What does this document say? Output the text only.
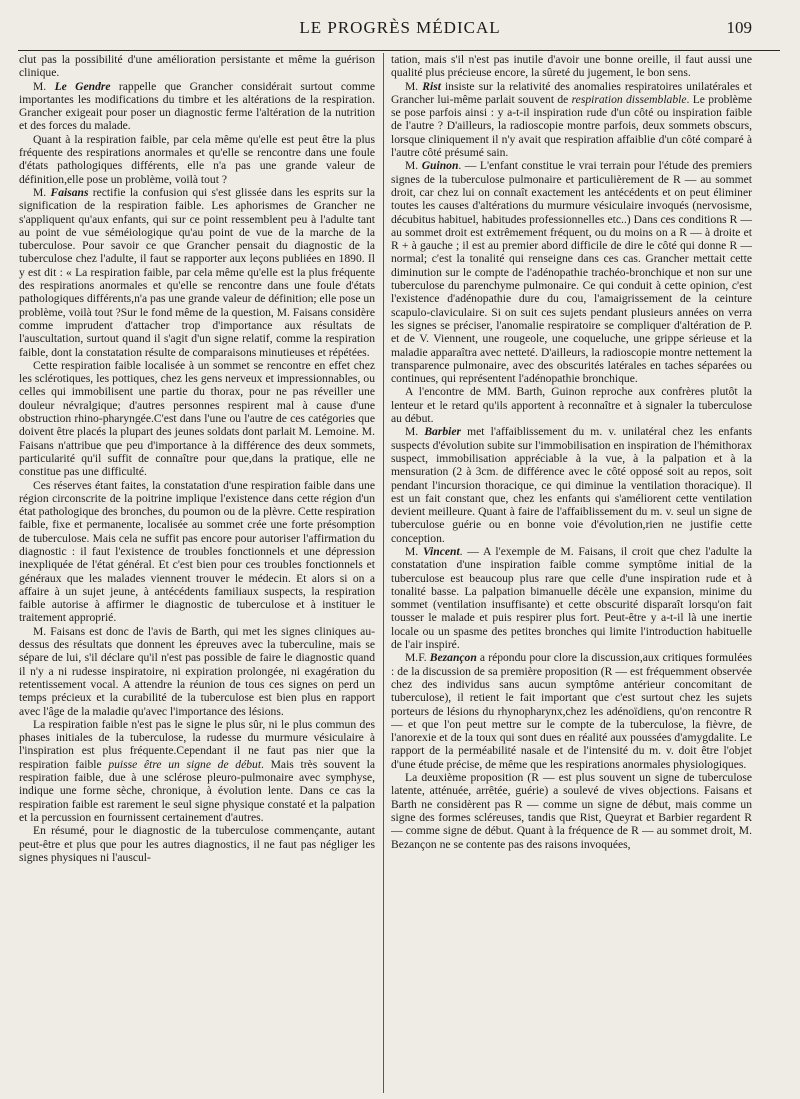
LE PROGRÈS MÉDICAL	109

clut pas la possibilité d'une amélioration persistante et même la guérison clinique.

M. Le Gendre rappelle que Grancher considérait surtout comme importantes les modifications du timbre et les altérations de la respiration. Grancher exigeait pour poser un diagnostic ferme l'altération de la nutrition et des forces du malade.

Quant à la respiration faible, par cela même qu'elle est peut être la plus fréquente des respirations anormales et qu'elle se rencontre dans une foule d'états pathologiques différents, elle n'a pas une grande valeur de définition,elle pose un problème, voilà tout ?

M. Faisans rectifie la confusion qui s'est glissée dans les esprits sur la signification de la respiration faible. Les aphorismes de Grancher ne s'appliquent qu'aux enfants, qui sur ce point ressemblent peu à l'adulte tant au point de vue séméiologique qu'au point de vue de la marche de la tuberculose. Pour savoir ce que Grancher pensait du diagnostic de la tuberculose chez l'adulte, il faut se rapporter aux leçons publiées en 1890. Il y est dit : « La respiration faible, par cela même qu'elle est la plus fréquente des respirations anormales et qu'elle se rencontre dans une foule d'états pathologiques différents,n'a pas une grande valeur de définition; elle pose un problème, voilà tout ?Sur le fond même de la question, M. Faisans considère comme imprudent d'attacher trop d'importance aux résultats de l'auscultation, surtout quand il s'agit d'un signe relatif, comme la respiration faible, dont la constatation résulte de comparaisons minutieuses et répétées.

Cette respiration faible localisée à un sommet se rencontre en effet chez les sclérotiques, les pottiques, chez les gens nerveux et impressionnables, ou celles qui immobilisent une partie du thorax, pour ne pas réveiller une douleur névralgique; d'autres personnes respirent mal à cause d'une obstruction rhino-pharyngée.C'est dans l'une ou l'autre de ces catégories que doivent être placés la plupart des jeunes soldats dont parlait M. Lemoine. M. Faisans n'attribue que peu d'importance à la différence des deux sommets, particularité qu'il suffit de connaître pour que,dans la pratique, elle ne constitue pas une difficulté.

Ces réserves étant faites, la constatation d'une respiration faible dans une région circonscrite de la poitrine implique l'existence dans cette région d'un état pathologique des bronches, du poumon ou de la plèvre. Cette respiration faible, fixe et permanente, localisée au sommet crée une forte présomption de tuberculose. Mais cela ne suffit pas encore pour autoriser l'affirmation du diagnostic : il faut l'existence de troubles fonctionnels et une dépression inexpliquée de l'état général. Et c'est bien pour ces troubles fonctionnels et généraux que les malades viennent trouver le médecin. Et alors si on a affaire à un sujet jeune, à antécédents familiaux suspects, la respiration faible autorise à affirmer le diagnostic de tuberculose et à instituer le traitement approprié.

M. Faisans est donc de l'avis de Barth, qui met les signes cliniques au-dessus des résultats que donnent les épreuves avec la tuberculine, mais se sépare de lui, s'il déclare qu'il n'est pas possible de faire le diagnostic quand il n'y a ni rudesse inspiratoire, ni expiration prolongée, ni exagération du retentissement vocal. A attendre la réunion de tous ces signes on perd un temps précieux et la curabilité de la tuberculose est bien plus en rapport avec l'âge de la maladie qu'avec l'importance des lésions.

La respiration faible n'est pas le signe le plus sûr, ni le plus commun des phases initiales de la tuberculose, la rudesse du murmure vésiculaire à l'inspiration est plus fréquente.Cependant il ne faut pas nier que la respiration faible puisse être un signe de début. Mais très souvent la respiration faible, due à une sclérose pleuro-pulmonaire avec symphyse, indique une forme sèche, chronique, à évolution lente. Dans ce cas la respiration faible est rarement le seul signe physique constaté et la palpation et la percussion en fournissent certainement d'autres.

En résumé, pour le diagnostic de la tuberculose commençante, autant peut-être et plus que pour les autres diagnostics, il ne faut pas négliger les signes physiques ni l'auscul-

tation, mais s'il n'est pas inutile d'avoir une bonne oreille, il faut aussi une qualité plus précieuse encore, la sûreté du jugement, le bon sens.

M. Rist insiste sur la relativité des anomalies respiratoires unilatérales et Grancher lui-même parlait souvent de respiration dissemblable. Le problème se pose parfois ainsi : y a-t-il inspiration rude d'un côté ou inspiration faible de l'autre ? D'ailleurs, la radioscopie montre parfois, deux sommets obscurs, lorsque cliniquement il n'y avait que respiration affaiblie d'un côté comparé à l'autre côté présumé sain.

M. Guinon. — L'enfant constitue le vrai terrain pour l'étude des premiers signes de la tuberculose pulmonaire et particulièrement de R — au sommet droit, car chez lui on connaît exactement les antécédents et on peut éliminer toutes les causes d'altérations du murmure vésiculaire invoqués (nervosisme, décubitus habituel, habitudes professionnelles etc..) Dans ces conditions R — au sommet droit est extrêmement fréquent, ou du moins on a R — à droite et R + à gauche ; il est au premier abord difficile de dire le côté qui donne R — normal; c'est la tonalité qui renseigne dans ces cas. Grancher mettait cette diminution sur le compte de l'adénopathie trachéo-bronchique et non sur une tuberculose du parenchyme pulmonaire. Ce qui conduit à cette opinion, c'est l'existence d'adénopathie dure du cou, l'amaigrissement de la ceinture scapulo-claviculaire. Si on suit ces sujets pendant plusieurs années on verra les signes se préciser, l'anomalie respiratoire se compliquer d'altération de P. et de V. Viennent, une rougeole, une coqueluche, une grippe sérieuse et la maladie apparaîtra avec netteté. D'ailleurs, la radioscopie montre nettement la transparence pulmonaire, avec des obscurités latérales en taches séparées ou continues, qui représentent l'adénopathie bronchique.

A l'encontre de MM. Barth, Guinon reproche aux confrères plutôt la lenteur et le retard qu'ils apportent à reconnaître et à signaler la tuberculose au début.

M. Barbier met l'affaiblissement du m. v. unilatéral chez les enfants suspects d'évolution subite sur l'immobilisation en inspiration de l'hémithorax suspect, immobilisation appréciable à la vue, à la palpation et à la mensuration (2 à 3cm. de différence avec le côté opposé soit au repos, soit pendant l'incursion thoracique, ce qui diminue la ventilation thoracique). Il est un fait constant que, chez les enfants qui s'améliorent cette ventilation devient meilleure. Quant à faire de l'affaiblissement du m. v. seul un signe de tuberculose guérie ou en bonne voie d'évolution,rien ne justifie cette conception.

M. Vincent. — A l'exemple de M. Faisans, il croit que chez l'adulte la constatation d'une inspiration faible comme symptôme initial de la tuberculose est beaucoup plus rare que celle d'une inspiration rude et à tonalité basse. La palpation bimanuelle décèle une expansion, minime du sommet (ventilation insuffisante) et cette obscurité disparaît lorsqu'on fait tousser le malade et puis respirer plus fort. Peut-être y a-t-il là une inertie locale ou un spasme des petites bronches qui limite l'introduction habituelle de l'air inspiré.

M.F. Bezançon a répondu pour clore la discussion,aux critiques formulées : de la discussion de sa première proposition (R — est fréquemment observée chez des individus sans aucun symptôme antérieur concomitant de tuberculose), il retient le fait important que c'est surtout chez les sujets porteurs de lésions du rhynopharynx,chez les adénoïdiens, qu'on rencontre R — et que l'on peut mettre sur le compte de la tuberculose, la fièvre, de l'anorexie et de la toux qui sont dues en réalité aux poussées d'amygdalite. Le rapport de la perméabilité nasale et de l'intensité du m. v. doit être l'objet d'une étude précise, de même que les respirations anormales physiologiques.

La deuxième proposition (R — est plus souvent un signe de tuberculose latente, atténuée, arrêtée, guérie) a soulevé de vives objections. Faisans et Barth ne considèrent pas R — comme un signe de début, mais comme un signe des formes scléreuses, tandis que Rist, Queyrat et Barbier regardent R — comme signe de début. Quant à la fréquence de R — au sommet droit, M. Bezançon ne se contente pas des raisons invoquées,
